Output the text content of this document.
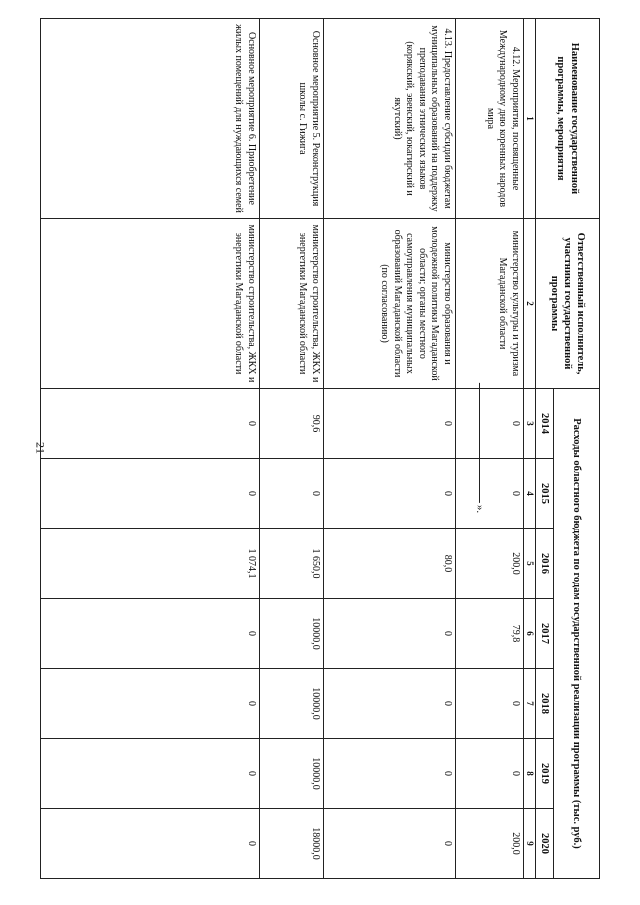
21
Наименование государственной программы, мероприятия	Ответственный исполнитель, участники государственной программы	Расходы областного бюджета по годам государственной реализации программы (тыс. руб.)						
		2014	2015	2016	2017	2018	2019	2020
1	2	3	4	5	6	7	8	9
4.12. Мероприятия, посвященные Международному дню коренных народов мира	министерство культуры и туризма Магаданской области	0	0	200,0	79,8	0	0	200,0
4.13. Предоставление субсидии бюджетам муниципальных образований на поддержку преподавания этнических языков (корякский, эвенский, юкагирский и якутский)	министерство образования и молодежной политики Магаданской области; органы местного самоуправления муниципальных образований Магаданской области (по согласованию)	0	0	80,0	0	0	0	0
Основное мероприятие 5. Реконструкция школы с. Гижига	министерство строительства, ЖКХ и энергетики Магаданской области	90,6	0	1 650,0	10000,0	10000,0	10000,0	18000,0
Основное мероприятие 6. Приобретение жилых помещений для нуждающихся семей	министерство строительства, ЖКХ и энергетики Магаданской области	0	0	1 074,1	0	0	0	0
».
